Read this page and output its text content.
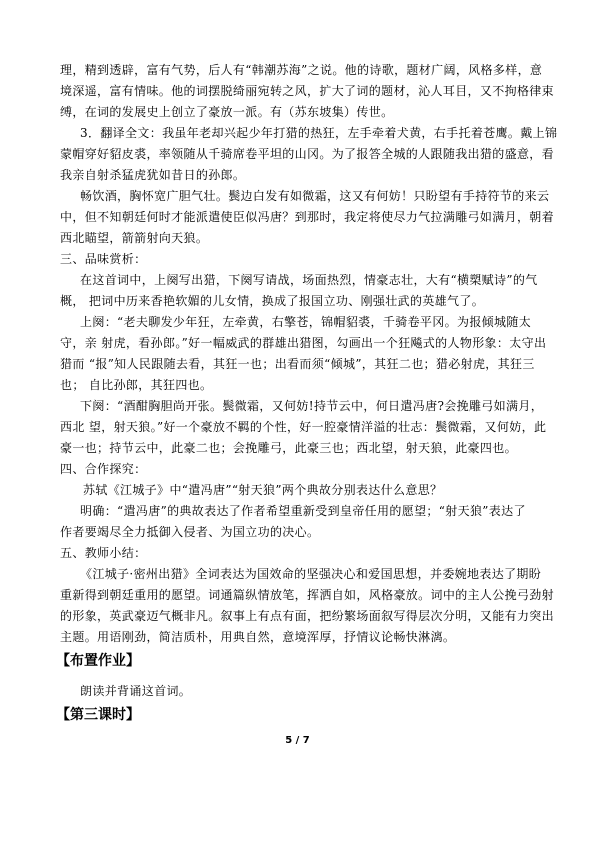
理，精到透辟，富有气势，后人有“韩潮苏海”之说。他的诗歌，题材广阔，风格多样，意
境深遥，富有情味。他的词摆脱绮丽宛转之风，扩大了词的题材，沁人耳目，又不拘格律束
缚，在词的发展史上创立了豪放一派。有（苏东坡集）传世。
3．翻译全文：我虽年老却兴起少年打猎的热狂，左手牵着犬黄，右手托着苍鹰。戴上锦
蒙帽穿好貂皮裘，率领随从千骑席卷平坦的山冈。为了报答全城的人跟随我出猎的盛意，看
我亲自射杀猛虎犹如昔日的孙郎。
畅饮酒，胸怀宽广胆气壮。鬓边白发有如微霜，这又有何妨！只盼望有手持符节的来云
中，但不知朝廷何时才能派遣使臣似冯唐？到那时，我定将使尽力气拉满雕弓如满月，朝着
西北瞄望，箭箭射向天狼。
三、品味赏析：
在这首词中，上阕写出猎，下阕写请战，场面热烈，情豪志壮，大有“横槊赋诗”的气
概， 把词中历来香艳软媚的儿女情，换成了报国立功、刚强壮武的英雄气了。
上阕：“老夫聊发少年狂，左牵黄，右擎苍，锦帽貂裘，千骑卷平冈。为报倾城随太
守，亲 射虎，看孙郎。”好一幅威武的群雄出猎图，勾画出一个狂飚式的人物形象：太守出
猎而 “报”知人民跟随去看，其狂一也；出看而须“倾城”，其狂二也；猎必射虎，其狂三
也； 自比孙郎，其狂四也。
下阕：“酒酣胸胆尚开张。鬓微霜，又何妨!持节云中，何日遣冯唐?会挽雕弓如满月，
西北 望，射天狼。”好一个豪放不羁的个性，好一腔豪情洋溢的壮志：鬓微霜，又何妨，此
豪一也；持节云中，此豪二也；会挽雕弓，此豪三也；西北望，射天狼，此豪四也。
四、合作探究：
苏轼《江城子》中“遣冯唐”“射天狼”两个典故分别表达什么意思？
明确：“遣冯唐”的典故表达了作者希望重新受到皇帝任用的愿望；“射天狼”表达了
作者要竭尽全力抵御入侵者、为国立功的决心。
五、教师小结：
《江城子·密州出猎》全词表达为国效命的坚强决心和爱国思想，并委婉地表达了期盼
重新得到朝廷重用的愿望。词通篇纵情放笔，挥洒自如，风格豪放。词中的主人公挽弓劲射
的形象，英武豪迈气概非凡。叙事上有点有面，把纷繁场面叙写得层次分明，又能有力突出
主题。用语刚劲，简洁质朴，用典自然，意境浑厚，抒情议论畅快淋漓。
【布置作业】
朗读并背诵这首词。
【第三课时】
5 / 7
